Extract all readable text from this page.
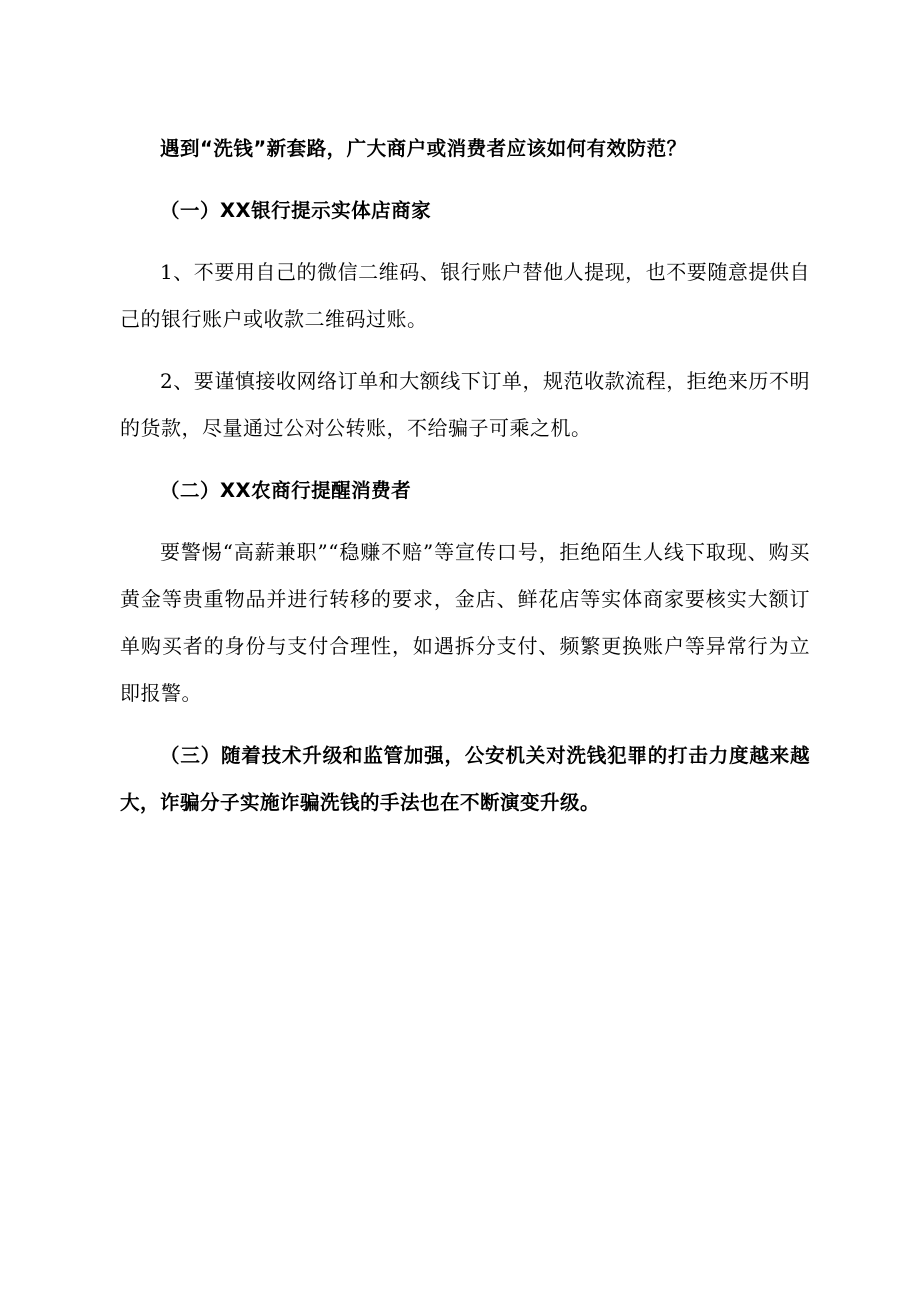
遇到“洗钱”新套路，广大商户或消费者应该如何有效防范？

（一）XX银行提示实体店商家

1、不要用自己的微信二维码、银行账户替他人提现，也不要随意提供自己的银行账户或收款二维码过账。

2、要谨慎接收网络订单和大额线下订单，规范收款流程，拒绝来历不明的货款，尽量通过公对公转账，不给骗子可乘之机。

（二）XX农商行提醒消费者

要警惕“高薪兼职”“稳赚不赔”等宣传口号，拒绝陌生人线下取现、购买黄金等贵重物品并进行转移的要求，金店、鲜花店等实体商家要核实大额订单购买者的身份与支付合理性，如遇拆分支付、频繁更换账户等异常行为立即报警。

（三）随着技术升级和监管加强，公安机关对洗钱犯罪的打击力度越来越大，诈骗分子实施诈骗洗钱的手法也在不断演变升级。
